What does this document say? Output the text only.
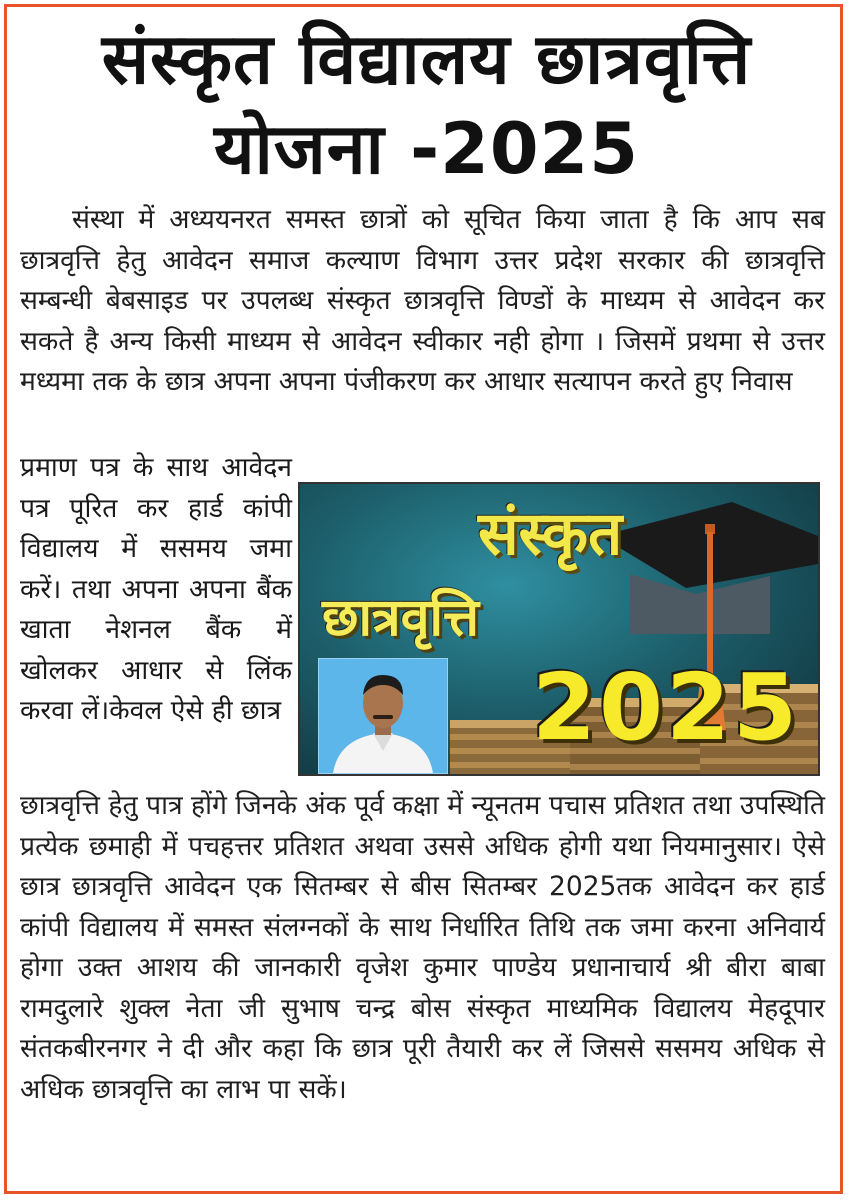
संस्कृत विद्यालय छात्रवृत्ति
योजना -2025

संस्था में अध्ययनरत समस्त छात्रों को सूचित किया जाता है कि आप सब छात्रवृत्ति हेतु आवेदन समाज कल्याण विभाग उत्तर प्रदेश सरकार की छात्रवृत्ति सम्बन्धी बेबसाइड पर उपलब्ध संस्कृत छात्रवृत्ति विण्डों के माध्यम से आवेदन कर सकते है अन्य किसी माध्यम से आवेदन स्वीकार नही होगा । जिसमें प्रथमा से उत्तर मध्यमा तक के छात्र अपना अपना पंजीकरण कर आधार सत्यापन करते हुए निवास

प्रमाण पत्र के साथ आवेदन पत्र पूरित कर हार्ड कांपी विद्यालय में ससमय जमा करें। तथा अपना अपना बैंक खाता नेशनल बैंक में खोलकर आधार से लिंक करवा लें।केवल ऐसे ही छात्र
संस्कृत
छात्रवृत्ति
2025

छात्रवृत्ति हेतु पात्र होंगे जिनके अंक पूर्व कक्षा में न्यूनतम पचास प्रतिशत तथा उपस्थिति प्रत्येक छमाही में पचहत्तर प्रतिशत अथवा उससे अधिक होगी यथा नियमानुसार। ऐसे छात्र छात्रवृत्ति आवेदन एक सितम्बर से बीस सितम्बर 2025तक आवेदन कर हार्ड कांपी विद्यालय में समस्त संलग्नकों के साथ निर्धारित तिथि तक जमा करना अनिवार्य होगा उक्त आशय की जानकारी वृजेश कुमार पाण्डेय प्रधानाचार्य श्री बीरा बाबा रामदुलारे शुक्ल नेता जी सुभाष चन्द्र बोस संस्कृत माध्यमिक विद्यालय मेहदूपार संतकबीरनगर ने दी और कहा कि छात्र पूरी तैयारी कर लें जिससे ससमय अधिक से अधिक छात्रवृत्ति का लाभ पा सकें।
